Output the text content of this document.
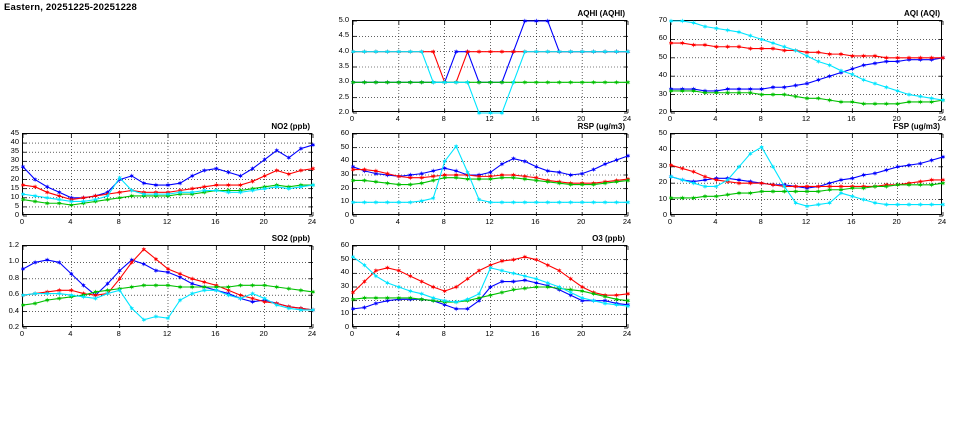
Eastern, 20251225-20251228
AQHI (AQHI)
2.0
2.5
3.0
3.5
4.0
4.5
5.0
0	4	8	12	16	20	24
AQI (AQI)
20
30
40
50
60
70
0	4	8	12	16	20	24
NO2 (ppb)
0
5
10
15
20
25
30
35
40
45
0	4	8	12	16	20	24
RSP (ug/m3)
0
10
20
30
40
50
60
0	4	8	12	16	20	24
FSP (ug/m3)
0
10
20
30
40
50
0	4	8	12	16	20	24
SO2 (ppb)
0.2
0.4
0.6
0.8
1.0
1.2
0	4	8	12	16	20	24
O3 (ppb)
0
10
20
30
40
50
60
0	4	8	12	16	20	24
